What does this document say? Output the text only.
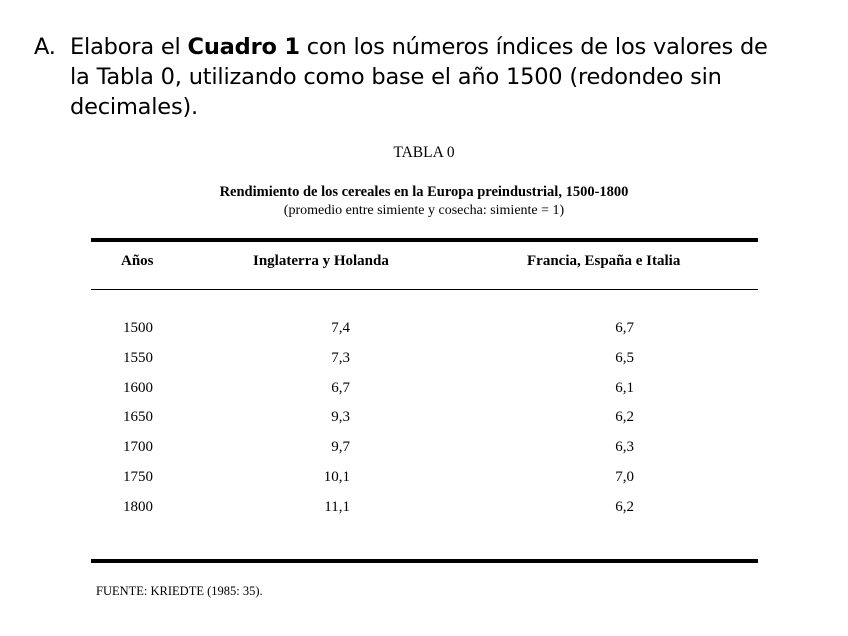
A. Elabora el Cuadro 1 con los números índices de los valores de
la Tabla 0, utilizando como base el año 1500 (redondeo sin
decimales).
TABLA 0
Rendimiento de los cereales en la Europa preindustrial, 1500-1800
(promedio entre simiente y cosecha: simiente = 1)
Años	Inglaterra y Holanda	Francia, España e Italia
1500	7,4	6,7
1550	7,3	6,5
1600	6,7	6,1
1650	9,3	6,2
1700	9,7	6,3
1750	10,1	7,0
1800	11,1	6,2
FUENTE: KRIEDTE (1985: 35).
